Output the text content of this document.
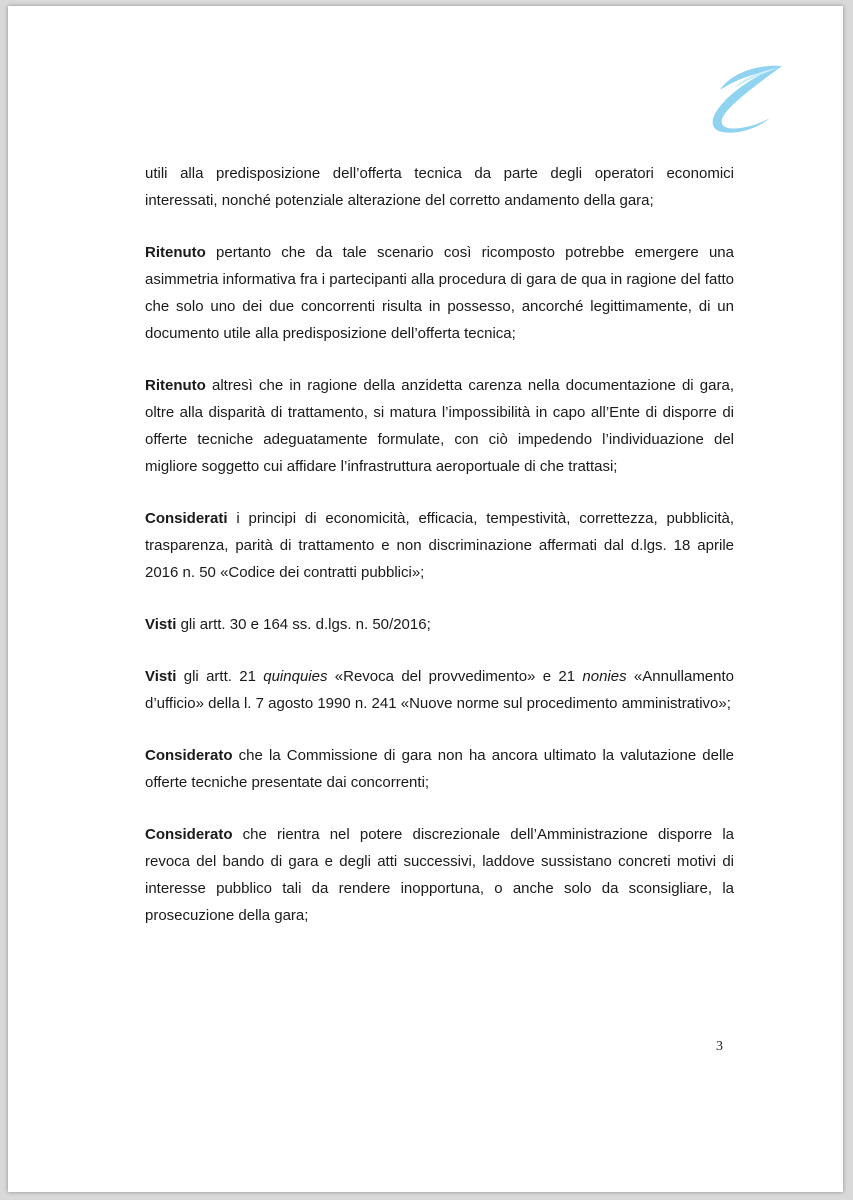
utili alla predisposizione dell’offerta tecnica da parte degli operatori economici interessati, nonché potenziale alterazione del corretto andamento della gara;

Ritenuto pertanto che da tale scenario così ricomposto potrebbe emergere una asimmetria informativa fra i partecipanti alla procedura di gara de qua in ragione del fatto che solo uno dei due concorrenti risulta in possesso, ancorché legittimamente, di un documento utile alla predisposizione dell’offerta tecnica;

Ritenuto altresì che in ragione della anzidetta carenza nella documentazione di gara, oltre alla disparità di trattamento, si matura l’impossibilità in capo all’Ente di disporre di offerte tecniche adeguatamente formulate, con ciò impedendo l’individuazione del migliore soggetto cui affidare l’infrastruttura aeroportuale di che trattasi;

Considerati i principi di economicità, efficacia, tempestività, correttezza, pubblicità, trasparenza, parità di trattamento e non discriminazione affermati dal d.lgs. 18 aprile 2016 n. 50 «Codice dei contratti pubblici»;

Visti gli artt. 30 e 164 ss. d.lgs. n. 50/2016;

Visti gli artt. 21 quinquies «Revoca del provvedimento» e 21 nonies «Annullamento d’ufficio» della l. 7 agosto 1990 n. 241 «Nuove norme sul procedimento amministrativo»;

Considerato che la Commissione di gara non ha ancora ultimato la valutazione delle offerte tecniche presentate dai concorrenti;

Considerato che rientra nel potere discrezionale dell’Amministrazione disporre la revoca del bando di gara e degli atti successivi, laddove sussistano concreti motivi di interesse pubblico tali da rendere inopportuna, o anche solo da sconsigliare, la prosecuzione della gara;

3
